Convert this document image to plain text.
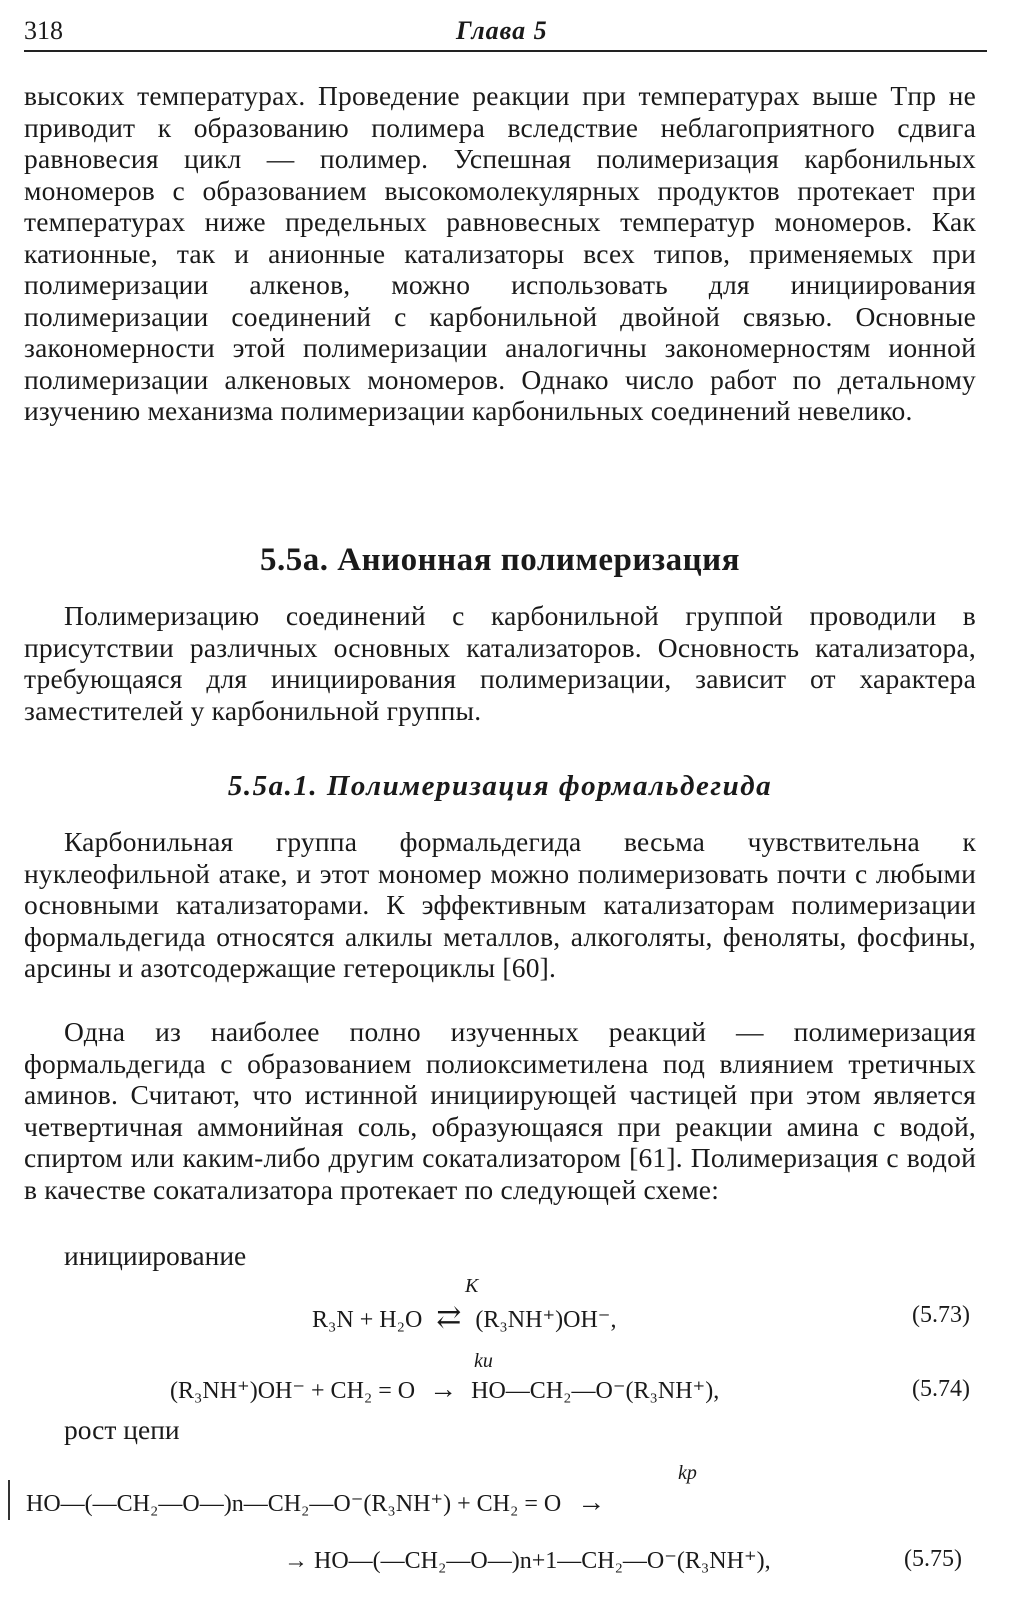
318	Глава 5

высоких температурах. Проведение реакции при температурах выше Tпр не приводит к образованию полимера вследствие неблагоприятного сдвига равновесия цикл — полимер. Успешная полимеризация карбонильных мономеров с образованием высокомолекулярных продуктов протекает при температурах ниже предельных равновесных температур мономеров. Как катионные, так и анионные катализаторы всех типов, применяемых при полимеризации алкенов, можно использовать для инициирования полимеризации соединений с карбонильной двойной связью. Основные закономерности этой полимеризации аналогичны закономерностям ионной полимеризации алкеновых мономеров. Однако число работ по детальному изучению механизма полимеризации карбонильных соединений невелико.

5.5а. Анионная полимеризация

Полимеризацию соединений с карбонильной группой проводили в присутствии различных основных катализаторов. Основность катализатора, требующаяся для инициирования полимеризации, зависит от характера заместителей у карбонильной группы.

5.5а.1. Полимеризация формальдегида

Карбонильная группа формальдегида весьма чувствительна к нуклеофильной атаке, и этот мономер можно полимеризовать почти с любыми основными катализаторами. К эффективным катализаторам полимеризации формальдегида относятся алкилы металлов, алкоголяты, феноляты, фосфины, арсины и азотсодержащие гетероциклы [60].

Одна из наиболее полно изученных реакций — полимеризация формальдегида с образованием полиоксиметилена под влиянием третичных аминов. Считают, что истинной инициирующей частицей при этом является четвертичная аммонийная соль, образующаяся при реакции амина с водой, спиртом или каким-либо другим сокатализатором [61]. Полимеризация с водой в качестве сокатализатора протекает по следующей схеме:

инициирование

K
R₃N + H₂O ⇄ (R₃NH⁺)OH⁻,	(5.73)
kи
(R₃NH⁺)OH⁻ + CH₂ = O → HO—CH₂—O⁻(R₃NH⁺),	(5.74)

рост цепи

kр
HO—(—CH₂—O—)n—CH₂—O⁻(R₃NH⁺) + CH₂ = O →
→ HO—(—CH₂—O—)n+1—CH₂—O⁻(R₃NH⁺),	(5.75)
